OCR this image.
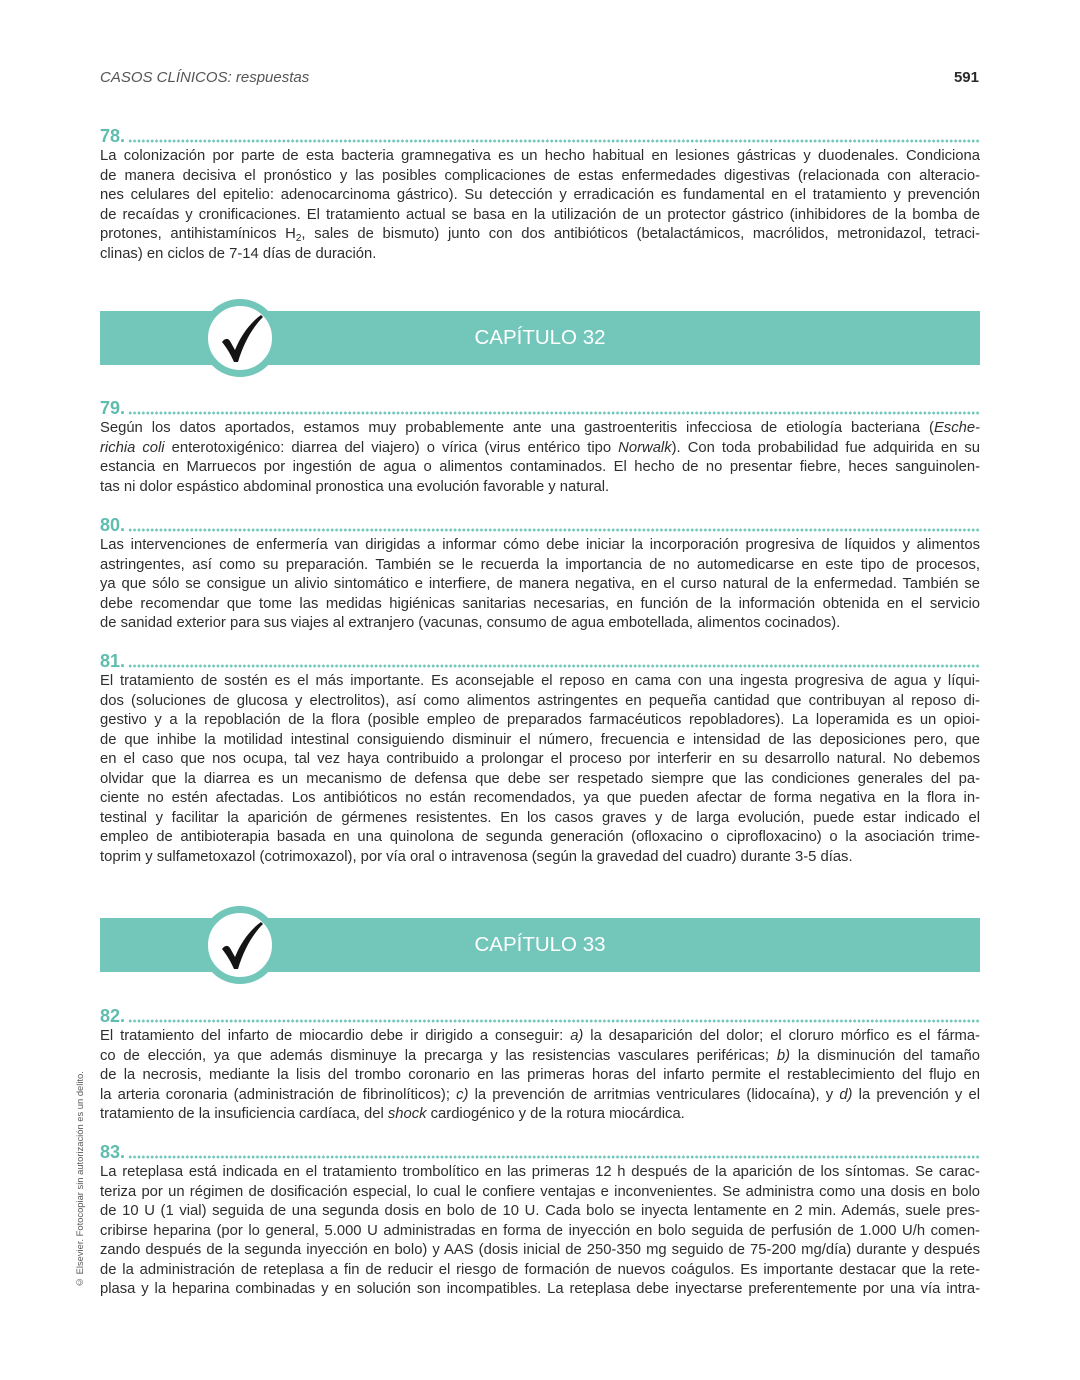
CASOS CLÍNICOS: respuestas	591
© Elsevier. Fotocopiar sin autorización es un delito.
78.
La colonización por parte de esta bacteria gramnegativa es un hecho habitual en lesiones gástricas y duodenales. Condiciona
de manera decisiva el pronóstico y las posibles complicaciones de estas enfermedades digestivas (relacionada con alteracio-
nes celulares del epitelio: adenocarcinoma gástrico). Su detección y erradicación es fundamental en el tratamiento y prevención
de recaídas y cronificaciones. El tratamiento actual se basa en la utilización de un protector gástrico (inhibidores de la bomba de
protones, antihistamínicos $H_2$, sales de bismuto) junto con dos antibióticos (betalactámicos, macrólidos, metronidazol, tetraci-
clinas) en ciclos de 7-14 días de duración.
CAPÍTULO 32
79.
Según los datos aportados, estamos muy probablemente ante una gastroenteritis infecciosa de etiología bacteriana (Esche-
richia coli enterotoxigénico: diarrea del viajero) o vírica (virus entérico tipo Norwalk). Con toda probabilidad fue adquirida en su
estancia en Marruecos por ingestión de agua o alimentos contaminados. El hecho de no presentar fiebre, heces sanguinolen-
tas ni dolor espástico abdominal pronostica una evolución favorable y natural.
80.
Las intervenciones de enfermería van dirigidas a informar cómo debe iniciar la incorporación progresiva de líquidos y alimentos
astringentes, así como su preparación. También se le recuerda la importancia de no automedicarse en este tipo de procesos,
ya que sólo se consigue un alivio sintomático e interfiere, de manera negativa, en el curso natural de la enfermedad. También se
debe recomendar que tome las medidas higiénicas sanitarias necesarias, en función de la información obtenida en el servicio
de sanidad exterior para sus viajes al extranjero (vacunas, consumo de agua embotellada, alimentos cocinados).
81.
El tratamiento de sostén es el más importante. Es aconsejable el reposo en cama con una ingesta progresiva de agua y líqui-
dos (soluciones de glucosa y electrolitos), así como alimentos astringentes en pequeña cantidad que contribuyan al reposo di-
gestivo y a la repoblación de la flora (posible empleo de preparados farmacéuticos repobladores). La loperamida es un opioi-
de que inhibe la motilidad intestinal consiguiendo disminuir el número, frecuencia e intensidad de las deposiciones pero, que
en el caso que nos ocupa, tal vez haya contribuido a prolongar el proceso por interferir en su desarrollo natural. No debemos
olvidar que la diarrea es un mecanismo de defensa que debe ser respetado siempre que las condiciones generales del pa-
ciente no estén afectadas. Los antibióticos no están recomendados, ya que pueden afectar de forma negativa en la flora in-
testinal y facilitar la aparición de gérmenes resistentes. En los casos graves y de larga evolución, puede estar indicado el
empleo de antibioterapia basada en una quinolona de segunda generación (ofloxacino o ciprofloxacino) o la asociación trime-
toprim y sulfametoxazol (cotrimoxazol), por vía oral o intravenosa (según la gravedad del cuadro) durante 3-5 días.
CAPÍTULO 33
82.
El tratamiento del infarto de miocardio debe ir dirigido a conseguir: a) la desaparición del dolor; el cloruro mórfico es el fárma-
co de elección, ya que además disminuye la precarga y las resistencias vasculares periféricas; b) la disminución del tamaño
de la necrosis, mediante la lisis del trombo coronario en las primeras horas del infarto permite el restablecimiento del flujo en
la arteria coronaria (administración de fibrinolíticos); c) la prevención de arritmias ventriculares (lidocaína), y d) la prevención y el
tratamiento de la insuficiencia cardíaca, del shock cardiogénico y de la rotura miocárdica.
83.
La reteplasa está indicada en el tratamiento trombolítico en las primeras 12 h después de la aparición de los síntomas. Se carac-
teriza por un régimen de dosificación especial, lo cual le confiere ventajas e inconvenientes. Se administra como una dosis en bolo
de 10 U (1 vial) seguida de una segunda dosis en bolo de 10 U. Cada bolo se inyecta lentamente en 2 min. Además, suele pres-
cribirse heparina (por lo general, 5.000 U administradas en forma de inyección en bolo seguida de perfusión de 1.000 U/h comen-
zando después de la segunda inyección en bolo) y AAS (dosis inicial de 250-350 mg seguido de 75-200 mg/día) durante y después
de la administración de reteplasa a fin de reducir el riesgo de formación de nuevos coágulos. Es importante destacar que la rete-
plasa y la heparina combinadas y en solución son incompatibles. La reteplasa debe inyectarse preferentemente por una vía intra-
